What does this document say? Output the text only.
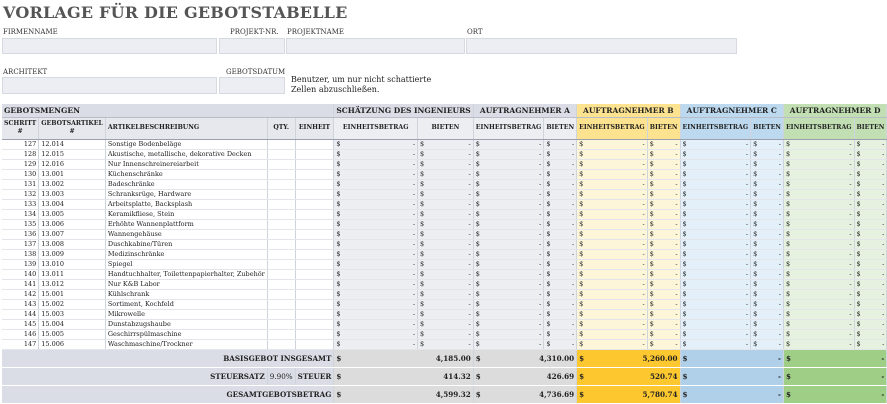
VORLAGE FÜR DIE GEBOTSTABELLE
FIRMENNAME	PROJEKT-NR. PROJEKTNAME	ORT
ARCHITEKT	GEBOTSDATUM
Benutzer, um nur nicht schattierte Zellen abzuschließen.
GEBOTSMENGEN					SCHÄTZUNG DES INGENIEURS		AUFTRAGNEHMER A		AUFTRAGNEHMER B		AUFTRAGNEHMER C		AUFTRAGNEHMER D	
SCHRITT #	GEBOTSARTIKEL #	ARTIKELBESCHREIBUNG	QTY.	EINHEIT	EINHEITSBETRAG	BIETEN	EINHEITSBETRAG	BIETEN	EINHEITSBETRAG	BIETEN	EINHEITSBETRAG	BIETEN	EINHEITSBETRAG	BIETEN
127	12.014	Sonstige Bodenbeläge			$ -	$ -	$ -	$ -	$ -	$ -	$ -	$ -	$ -	$ -

128	12.015	Akustische, metallische, dekorative Decken			$ -	$ -	$ -	$ -	$ -	$ -	$ -	$ -	$ -	$ -

129	12.016	Nur Innenschreinereiarbeit			$ -	$ -	$ -	$ -	$ -	$ -	$ -	$ -	$ -	$ -

130	13.001	Küchenschränke			$ -	$ -	$ -	$ -	$ -	$ -	$ -	$ -	$ -	$ -

131	13.002	Badeschränke			$ -	$ -	$ -	$ -	$ -	$ -	$ -	$ -	$ -	$ -

132	13.003	Schranksrüge, Hardware			$ -	$ -	$ -	$ -	$ -	$ -	$ -	$ -	$ -	$ -

133	13.004	Arbeitsplatte, Backsplash			$ -	$ -	$ -	$ -	$ -	$ -	$ -	$ -	$ -	$ -

134	13.005	Keramikfliese, Stein			$ -	$ -	$ -	$ -	$ -	$ -	$ -	$ -	$ -	$ -

135	13.006	Erhöhte Wannenplattform			$ -	$ -	$ -	$ -	$ -	$ -	$ -	$ -	$ -	$ -

136	13.007	Wannengehäuse			$ -	$ -	$ -	$ -	$ -	$ -	$ -	$ -	$ -	$ -

137	13.008	Duschkabine/Türen			$ -	$ -	$ -	$ -	$ -	$ -	$ -	$ -	$ -	$ -

138	13.009	Medizinschränke			$ -	$ -	$ -	$ -	$ -	$ -	$ -	$ -	$ -	$ -

139	13.010	Spiegel			$ -	$ -	$ -	$ -	$ -	$ -	$ -	$ -	$ -	$ -

140	13.011	Handtuchhalter, Toilettenpapierhalter, Zubehör			$ -	$ -	$ -	$ -	$ -	$ -	$ -	$ -	$ -	$ -

141	13.012	Nur K&B Labor			$ -	$ -	$ -	$ -	$ -	$ -	$ -	$ -	$ -	$ -

142	15.001	Kühlschrank			$ -	$ -	$ -	$ -	$ -	$ -	$ -	$ -	$ -	$ -

143	15.002	Sortiment, Kochfeld			$ -	$ -	$ -	$ -	$ -	$ -	$ -	$ -	$ -	$ -

144	15.003	Mikrowelle			$ -	$ -	$ -	$ -	$ -	$ -	$ -	$ -	$ -	$ -

145	15.004	Dunstabzugshaube			$ -	$ -	$ -	$ -	$ -	$ -	$ -	$ -	$ -	$ -

146	15.005	Geschirrspülmaschine			$ -	$ -	$ -	$ -	$ -	$ -	$ -	$ -	$ -	$ -

147	15.006	Waschmaschine/Trockner			$ -	$ -	$ -	$ -	$ -	$ -	$ -	$ -	$ -	$ -

BASISGEBOT INSGESAMT					$ 4,185.00		$ 4,310.00		$ 5,260.00		$ -		$ -	

STEUERSATZ			9.90%	STEUER	$ 414.32		$ 426.69		$ 520.74		$ -		$ -	

GESAMTGEBOTSBETRAG					$ 4,599.32		$ 4,736.69		$ 5,780.74		$ -		$ -	
